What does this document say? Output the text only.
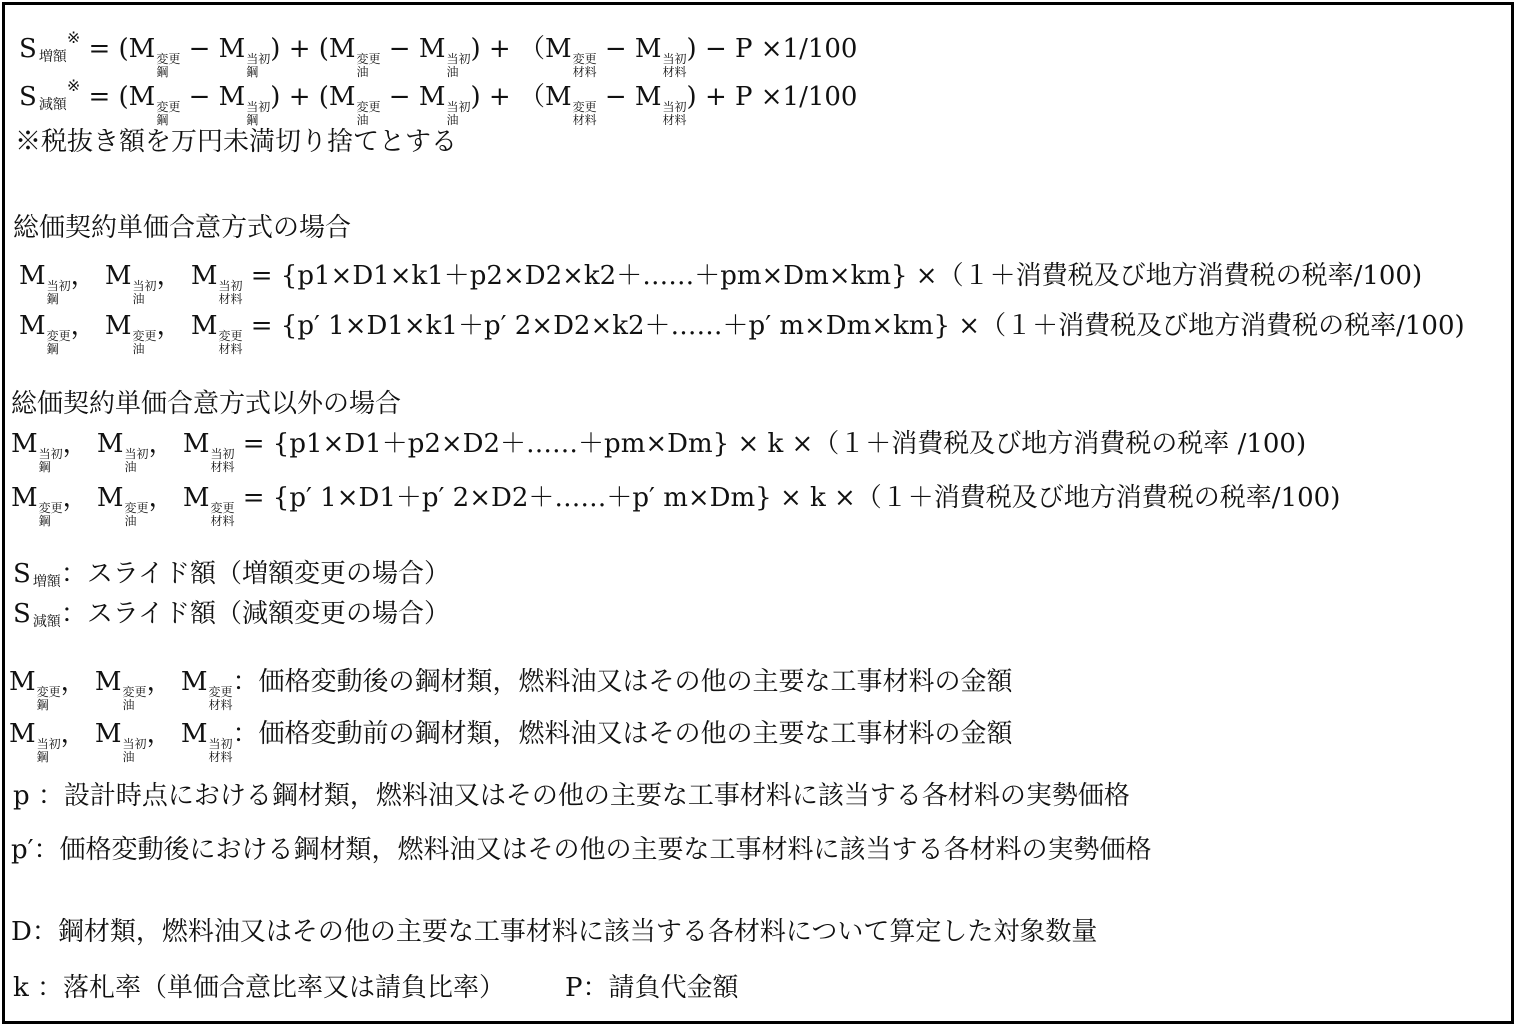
S増額※ = (M 変更
鋼
− M 当初
鋼
) + (M 変更
油
− M 当初
油
) + （M 変更
材料
− M 当初
材料
) − P ×1/100
S減額※ = (M 変更
鋼
− M 当初
鋼
) + (M 変更
油
− M 当初
油
) + （M 変更
材料
− M 当初
材料
) + P ×1/100
※税抜き額を万円未満切り捨てとする
総価契約単価合意方式の場合
M 当初
鋼
， M 当初
油
， M 当初
材料
= {p1×D1×k1＋p2×D2×k2＋……＋pm×Dm×km} ×（１＋消費税及び地方消費税の税率/100)
M 変更
鋼
， M 変更
油
， M 変更
材料
= {p′ 1×D1×k1＋p′ 2×D2×k2＋……＋p′ m×Dm×km} ×（１＋消費税及び地方消費税の税率/100)
総価契約単価合意方式以外の場合
M 当初
鋼
， M 当初
油
， M 当初
材料
= {p1×D1＋p2×D2＋……＋pm×Dm} × k ×（１＋消費税及び地方消費税の税率 /100)
M 変更
鋼
， M 変更
油
， M 変更
材料
= {p′ 1×D1＋p′ 2×D2＋……＋p′ m×Dm} × k ×（１＋消費税及び地方消費税の税率/100)
S増額：スライド額（増額変更の場合）
S減額：スライド額（減額変更の場合）
M 変更
鋼
， M 変更
油
， M 変更
材料
：価格変動後の鋼材類，燃料油又はその他の主要な工事材料の金額
M 当初
鋼
， M 当初
油
， M 当初
材料
：価格変動前の鋼材類，燃料油又はその他の主要な工事材料の金額
p ：設計時点における鋼材類，燃料油又はその他の主要な工事材料に該当する各材料の実勢価格
p′：価格変動後における鋼材類，燃料油又はその他の主要な工事材料に該当する各材料の実勢価格
D：鋼材類，燃料油又はその他の主要な工事材料に該当する各材料について算定した対象数量
k ：落札率（単価合意比率又は請負比率） P：請負代金額
